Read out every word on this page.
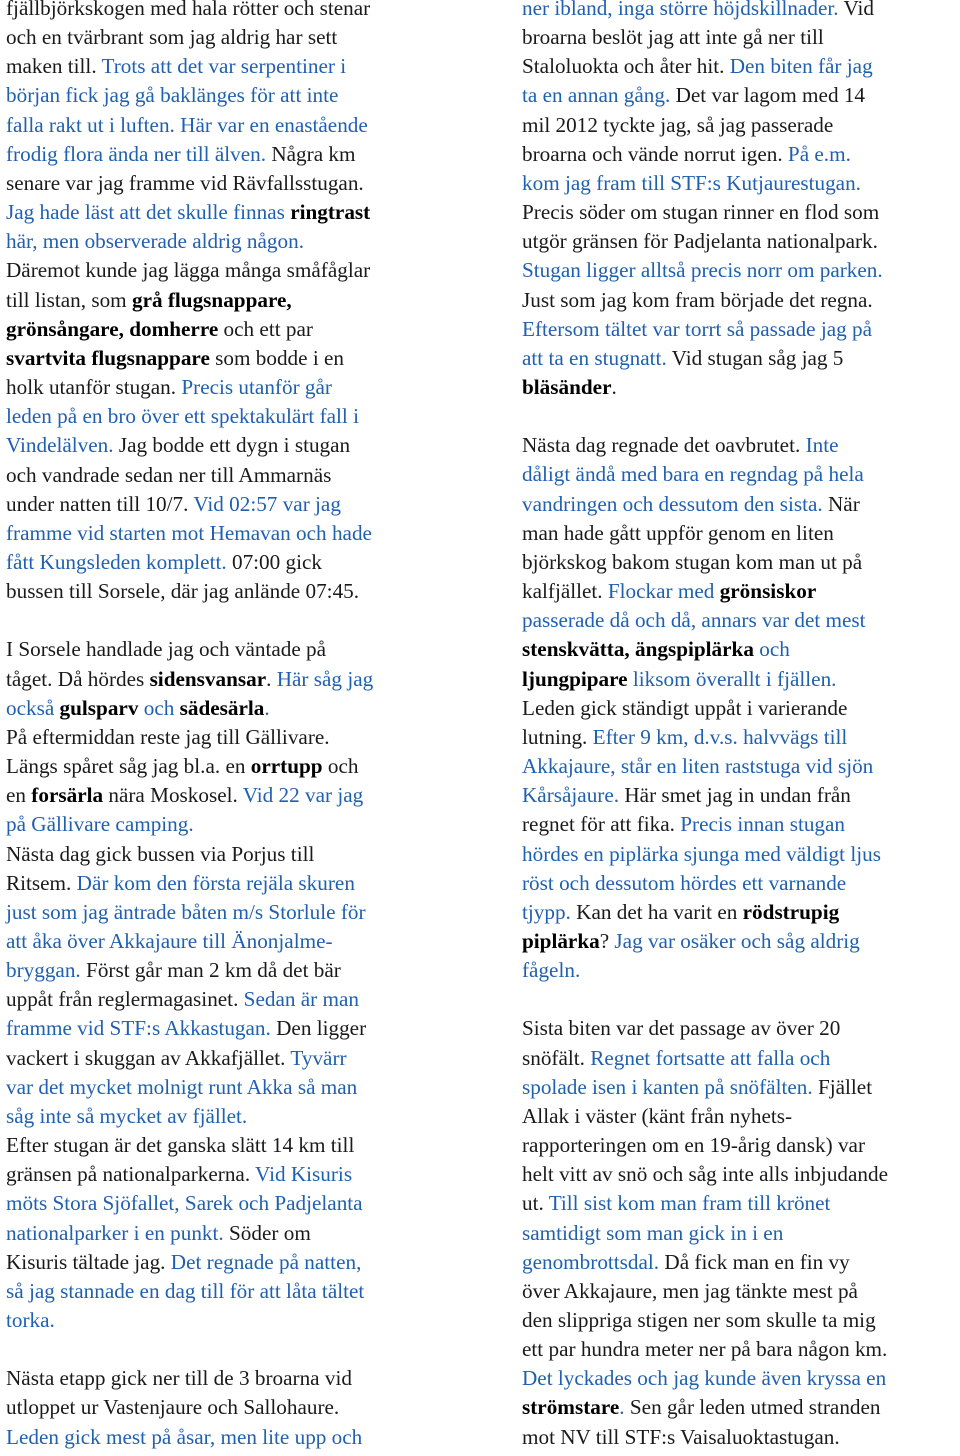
fjällbjörkskogen med hala rötter och stenar
och en tvärbrant som jag aldrig har sett
maken till. Trots att det var serpentiner i
början fick jag gå baklänges för att inte
falla rakt ut i luften. Här var en enastående
frodig flora ända ner till älven. Några km
senare var jag framme vid Rävfallsstugan.
Jag hade läst att det skulle finnas ringtrast
här, men observerade aldrig någon.
Däremot kunde jag lägga många småfåglar
till listan, som grå flugsnappare,
grönsångare, domherre och ett par
svartvita flugsnappare som bodde i en
holk utanför stugan. Precis utanför går
leden på en bro över ett spektakulärt fall i
Vindelälven. Jag bodde ett dygn i stugan
och vandrade sedan ner till Ammarnäs
under natten till 10/7. Vid 02:57 var jag
framme vid starten mot Hemavan och hade
fått Kungsleden komplett. 07:00 gick
bussen till Sorsele, där jag anlände 07:45.
I Sorsele handlade jag och väntade på
tåget. Då hördes sidensvansar. Här såg jag
också gulsparv och sädesärla.
På eftermiddan reste jag till Gällivare.
Längs spåret såg jag bl.a. en orrtupp och
en forsärla nära Moskosel. Vid 22 var jag
på Gällivare camping.
Nästa dag gick bussen via Porjus till
Ritsem. Där kom den första rejäla skuren
just som jag äntrade båten m/s Storlule för
att åka över Akkajaure till Änonjalme-
bryggan. Först går man 2 km då det bär
uppåt från reglermagasinet. Sedan är man
framme vid STF:s Akkastugan. Den ligger
vackert i skuggan av Akkafjället. Tyvärr
var det mycket molnigt runt Akka så man
såg inte så mycket av fjället.
Efter stugan är det ganska slätt 14 km till
gränsen på nationalparkerna. Vid Kisuris
möts Stora Sjöfallet, Sarek och Padjelanta
nationalparker i en punkt. Söder om
Kisuris tältade jag. Det regnade på natten,
så jag stannade en dag till för att låta tältet
torka.
Nästa etapp gick ner till de 3 broarna vid
utloppet ur Vastenjaure och Sallohaure.
Leden gick mest på åsar, men lite upp och
ner ibland, inga större höjdskillnader. Vid
broarna beslöt jag att inte gå ner till
Staloluokta och åter hit. Den biten får jag
ta en annan gång. Det var lagom med 14
mil 2012 tyckte jag, så jag passerade
broarna och vände norrut igen. På e.m.
kom jag fram till STF:s Kutjaurestugan.
Precis söder om stugan rinner en flod som
utgör gränsen för Padjelanta nationalpark.
Stugan ligger alltså precis norr om parken.
Just som jag kom fram började det regna.
Eftersom tältet var torrt så passade jag på
att ta en stugnatt. Vid stugan såg jag 5
bläsänder.
Nästa dag regnade det oavbrutet. Inte
dåligt ändå med bara en regndag på hela
vandringen och dessutom den sista. När
man hade gått uppför genom en liten
björkskog bakom stugan kom man ut på
kalfjället. Flockar med grönsiskor
passerade då och då, annars var det mest
stenskvätta, ängspiplärka och
ljungpipare liksom överallt i fjällen.
Leden gick ständigt uppåt i varierande
lutning. Efter 9 km, d.v.s. halvvägs till
Akkajaure, står en liten raststuga vid sjön
Kårsåjaure. Här smet jag in undan från
regnet för att fika. Precis innan stugan
hördes en piplärka sjunga med väldigt ljus
röst och dessutom hördes ett varnande
tjypp. Kan det ha varit en rödstrupig
piplärka? Jag var osäker och såg aldrig
fågeln.
Sista biten var det passage av över 20
snöfält. Regnet fortsatte att falla och
spolade isen i kanten på snöfälten. Fjället
Allak i väster (känt från nyhets-
rapporteringen om en 19-årig dansk) var
helt vitt av snö och såg inte alls inbjudande
ut. Till sist kom man fram till krönet
samtidigt som man gick in i en
genombrottsdal. Då fick man en fin vy
över Akkajaure, men jag tänkte mest på
den slippriga stigen ner som skulle ta mig
ett par hundra meter ner på bara någon km.
Det lyckades och jag kunde även kryssa en
strömstare. Sen går leden utmed stranden
mot NV till STF:s Vaisaluoktastugan.
